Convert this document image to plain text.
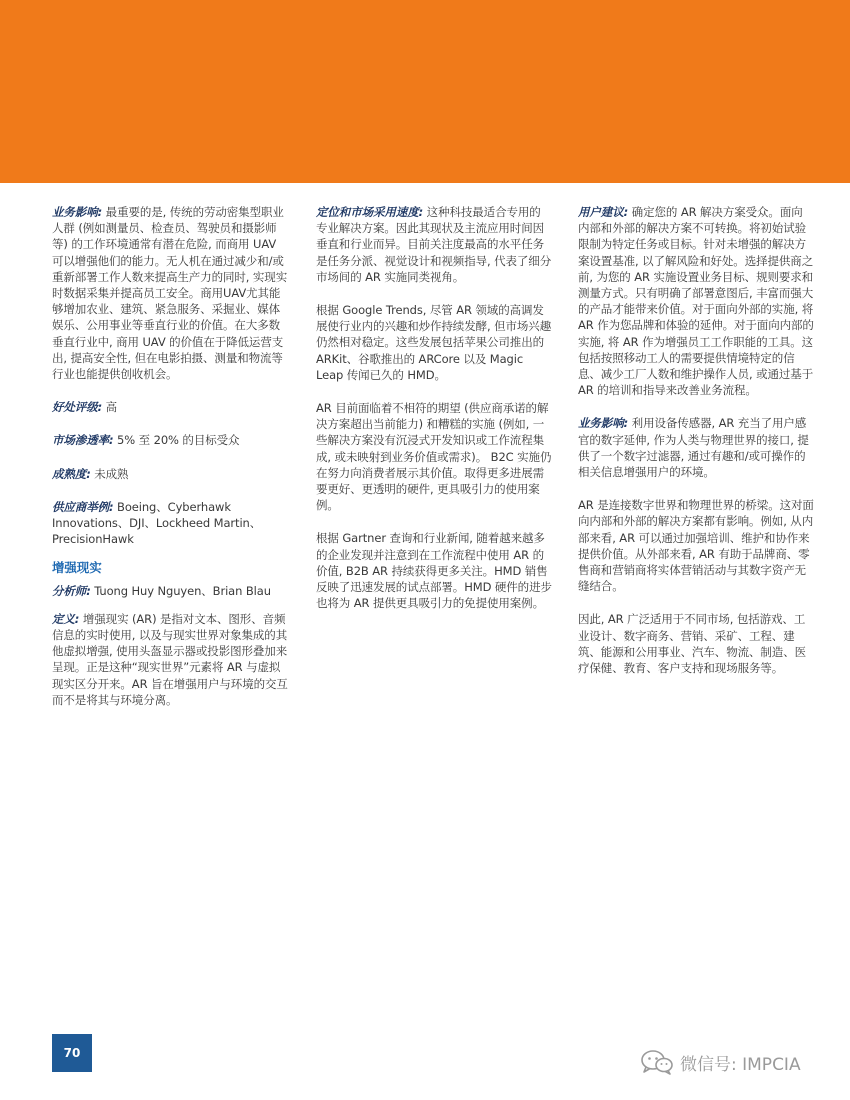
业务影响: 最重要的是, 传统的劳动密集型职业人群 (例如测量员、检查员、驾驶员和摄影师等) 的工作环境通常有潜在危险, 而商用 UAV 可以增强他们的能力。无人机在通过减少和/或重新部署工作人数来提高生产力的同时, 实现实时数据采集并提高员工安全。商用UAV尤其能够增加农业、建筑、紧急服务、采掘业、媒体娱乐、公用事业等垂直行业的价值。在大多数垂直行业中, 商用 UAV 的价值在于降低运营支出, 提高安全性, 但在电影拍摄、测量和物流等行业也能提供创收机会。

好处评级: 高

市场渗透率: 5% 至 20% 的目标受众

成熟度: 未成熟

供应商举例: Boeing、Cyberhawk Innovations、DJI、Lockheed Martin、PrecisionHawk

增强现实

分析师: Tuong Huy Nguyen、Brian Blau

定义: 增强现实 (AR) 是指对文本、图形、音频信息的实时使用, 以及与现实世界对象集成的其他虚拟增强, 使用头盔显示器或投影图形叠加来呈现。正是这种“现实世界”元素将 AR 与虚拟现实区分开来。AR 旨在增强用户与环境的交互而不是将其与环境分离。

定位和市场采用速度: 这种科技最适合专用的专业解决方案。因此其现状及主流应用时间因垂直和行业而异。目前关注度最高的水平任务是任务分派、视觉设计和视频指导, 代表了细分市场间的 AR 实施同类视角。

根据 Google Trends, 尽管 AR 领域的高调发展使行业内的兴趣和炒作持续发酵, 但市场兴趣仍然相对稳定。这些发展包括苹果公司推出的 ARKit、谷歌推出的 ARCore 以及 Magic Leap 传闻已久的 HMD。

AR 目前面临着不相符的期望 (供应商承诺的解决方案超出当前能力) 和糟糕的实施 (例如, 一些解决方案没有沉浸式开发知识或工作流程集成, 或未映射到业务价值或需求)。 B2C 实施仍在努力向消费者展示其价值。取得更多进展需要更好、更透明的硬件, 更具吸引力的使用案例。

根据 Gartner 查询和行业新闻, 随着越来越多的企业发现并注意到在工作流程中使用 AR 的价值, B2B AR 持续获得更多关注。HMD 销售反映了迅速发展的试点部署。HMD 硬件的进步也将为 AR 提供更具吸引力的免提使用案例。

用户建议: 确定您的 AR 解决方案受众。面向内部和外部的解决方案不可转换。将初始试验限制为特定任务或目标。针对未增强的解决方案设置基准, 以了解风险和好处。选择提供商之前, 为您的 AR 实施设置业务目标、规则要求和测量方式。只有明确了部署意图后, 丰富而强大的产品才能带来价值。对于面向外部的实施, 将 AR 作为您品牌和体验的延伸。对于面向内部的实施, 将 AR 作为增强员工工作职能的工具。这包括按照移动工人的需要提供情境特定的信息、减少工厂人数和维护操作人员, 或通过基于 AR 的培训和指导来改善业务流程。

业务影响: 利用设备传感器, AR 充当了用户感官的数字延伸, 作为人类与物理世界的接口, 提供了一个数字过滤器, 通过有趣和/或可操作的相关信息增强用户的环境。

AR 是连接数字世界和物理世界的桥梁。这对面向内部和外部的解决方案都有影响。例如, 从内部来看, AR 可以通过加强培训、维护和协作来提供价值。从外部来看, AR 有助于品牌商、零售商和营销商将实体营销活动与其数字资产无缝结合。

因此, AR 广泛适用于不同市场, 包括游戏、工业设计、数字商务、营销、采矿、工程、建筑、能源和公用事业、汽车、物流、制造、医疗保健、教育、客户支持和现场服务等。

70
微信号: IMPCIA
